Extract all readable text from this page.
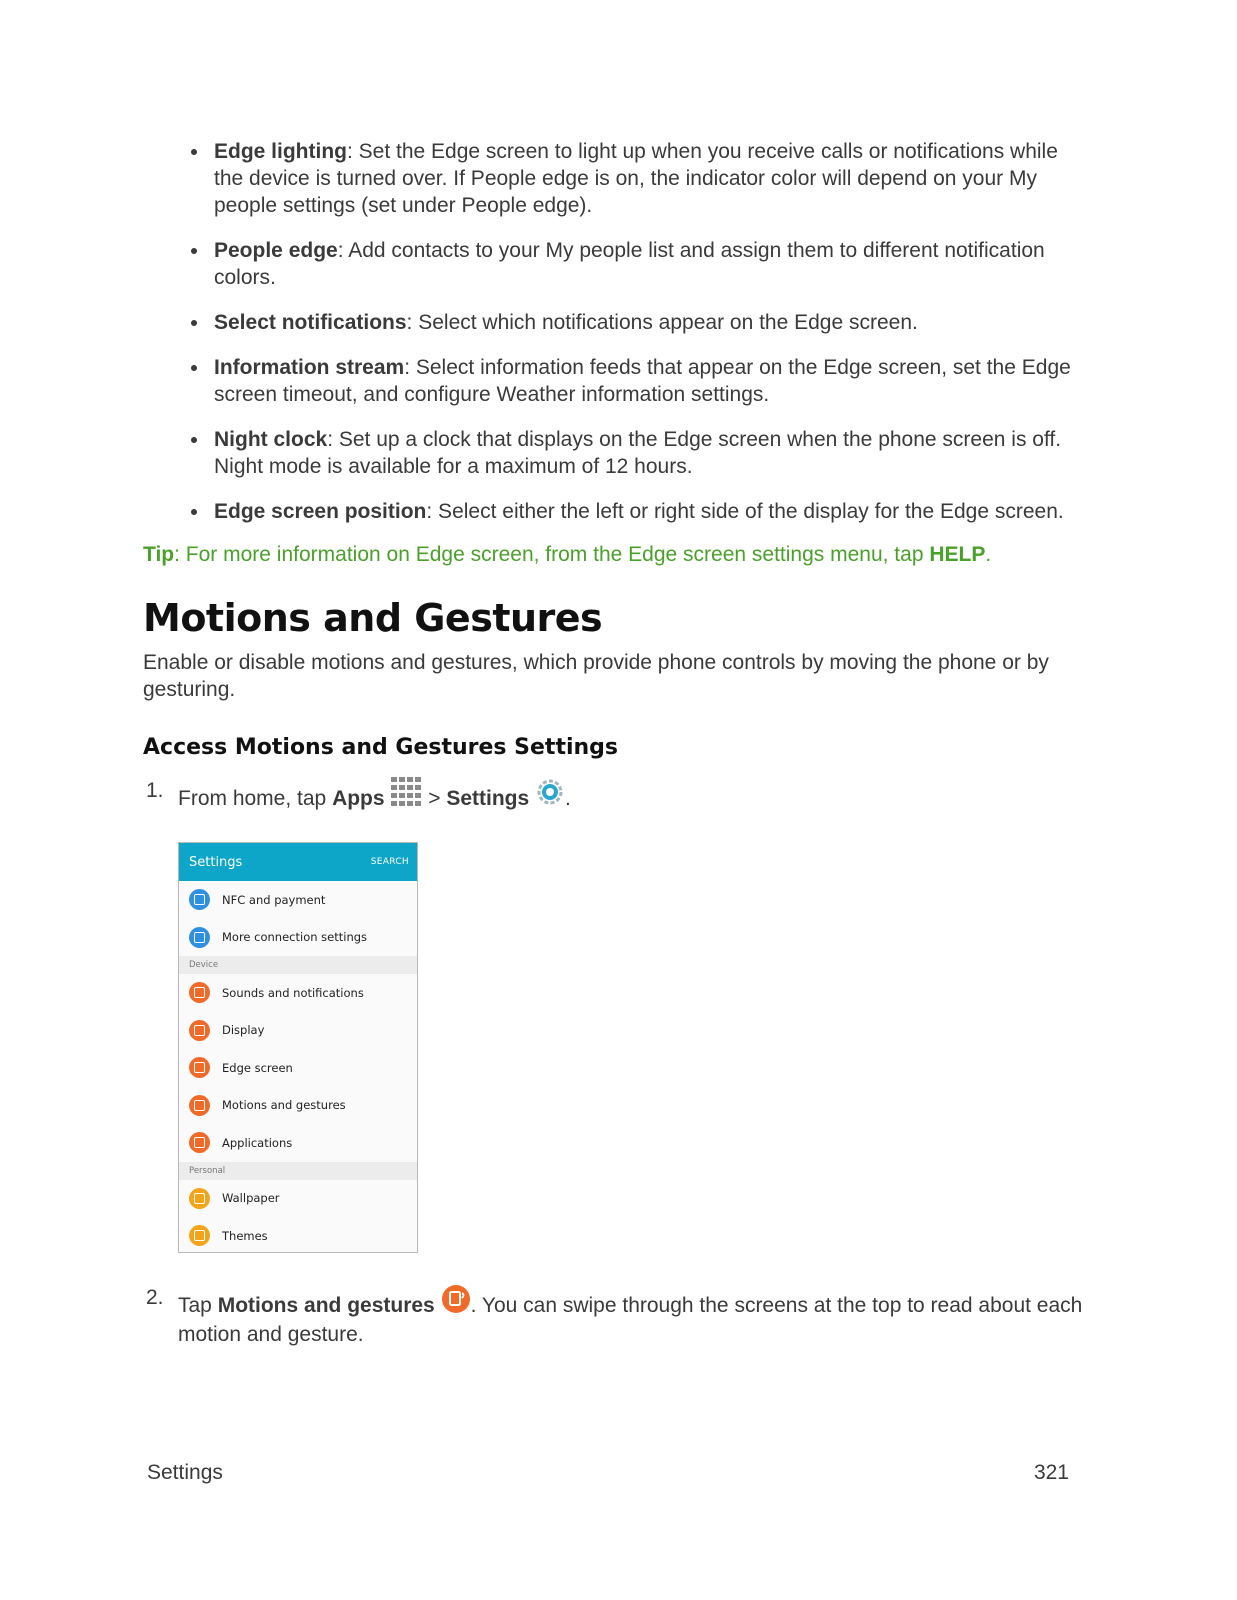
Edge lighting: Set the Edge screen to light up when you receive calls or notifications while the device is turned over. If People edge is on, the indicator color will depend on your My people settings (set under People edge).
People edge: Add contacts to your My people list and assign them to different notification colors.
Select notifications: Select which notifications appear on the Edge screen.
Information stream: Select information feeds that appear on the Edge screen, set the Edge screen timeout, and configure Weather information settings.
Night clock: Set up a clock that displays on the Edge screen when the phone screen is off. Night mode is available for a maximum of 12 hours.
Edge screen position: Select either the left or right side of the display for the Edge screen.
Tip: For more information on Edge screen, from the Edge screen settings menu, tap HELP.
Motions and Gestures

Enable or disable motions and gestures, which provide phone controls by moving the phone or by gesturing.

Access Motions and Gestures Settings
1. From home, tap Apps  > Settings .
Settings	SEARCH
NFC and payment
More connection settings
Device
Sounds and notifications
Display
Edge screen
Motions and gestures
Applications
Personal
Wallpaper
Themes
2. Tap Motions and gestures . You can swipe through the screens at the top to read about each motion and gesture.
Settings	321
